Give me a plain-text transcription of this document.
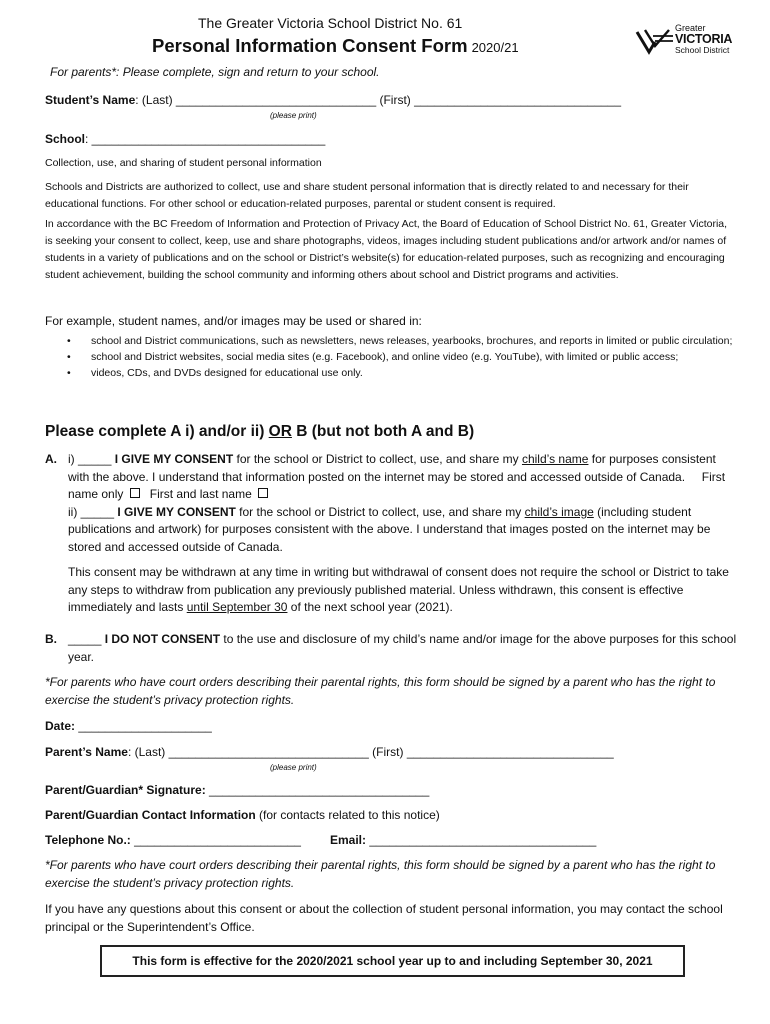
The Greater Victoria School District No. 61
Personal Information Consent Form 2020/21
Greater
VICTORIA
School District
For parents*: Please complete, sign and return to your school.
Student’s Name: (Last) ______________________________ (First) _______________________________
(please print)
School: ___________________________________
Collection, use, and sharing of student personal information

Schools and Districts are authorized to collect, use and share student personal information that is directly related to and necessary for their educational functions. For other school or education-related purposes, parental or student consent is required.

In accordance with the BC Freedom of Information and Protection of Privacy Act, the Board of Education of School District No. 61, Greater Victoria, is seeking your consent to collect, keep, use and share photographs, videos, images including student publications and/or artwork and/or names of students in a variety of publications and on the school or District’s website(s) for education-related purposes, such as recognizing and encouraging student achievement, building the school community and informing others about school and District programs and activities.

For example, student names, and/or images may be used or shared in:
• school and District communications, such as newsletters, news releases, yearbooks, brochures, and reports in limited or public circulation;
• school and District websites, social media sites (e.g. Facebook), and online video (e.g. YouTube), with limited or public access;
• videos, CDs, and DVDs designed for educational use only.
Please complete A i) and/or ii) OR B (but not both A and B)
A. i) _____ I GIVE MY CONSENT for the school or District to collect, use, and share my child’s name for purposes consistent with the above. I understand that information posted on the internet may be stored and accessed outside of Canada. First name only First and last name

ii) _____ I GIVE MY CONSENT for the school or District to collect, use, and share my child’s image (including student publications and artwork) for purposes consistent with the above. I understand that images posted on the internet may be stored and accessed outside of Canada.

This consent may be withdrawn at any time in writing but withdrawal of consent does not require the school or District to take any steps to withdraw from publication any previously published material. Unless withdrawn, this consent is effective immediately and lasts until September 30 of the next school year (2021).

B. _____ I DO NOT CONSENT to the use and disclosure of my child’s name and/or image for the above purposes for this school year.

*For parents who have court orders describing their parental rights, this form should be signed by a parent who has the right to exercise the student’s privacy protection rights.

Date: ____________________
Parent’s Name: (Last) ______________________________ (First) _______________________________
(please print)
Parent/Guardian* Signature: _________________________________
Parent/Guardian Contact Information (for contacts related to this notice)
Telephone No.: _________________________ Email: __________________________________

*For parents who have court orders describing their parental rights, this form should be signed by a parent who has the right to exercise the student’s privacy protection rights.

If you have any questions about this consent or about the collection of student personal information, you may contact the school principal or the Superintendent’s Office.

This form is effective for the 2020/2021 school year up to and including September 30, 2021
